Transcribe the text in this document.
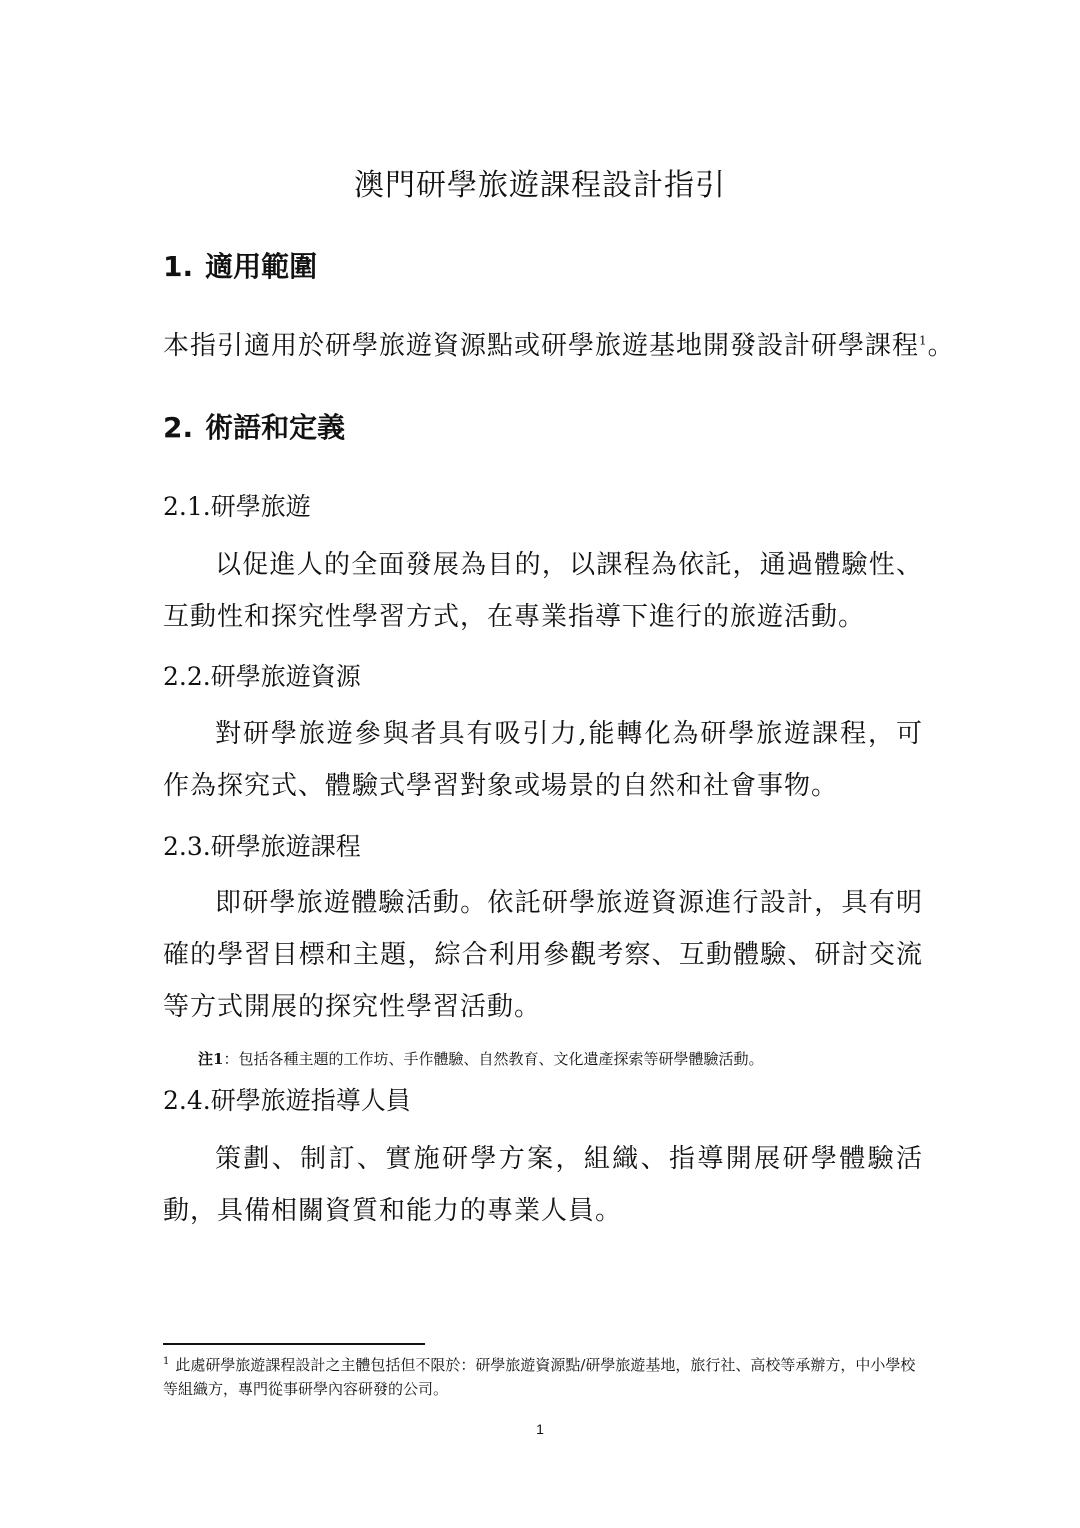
澳門研學旅遊課程設計指引
1. 適用範圍
本指引適用於研學旅遊資源點或研學旅遊基地開發設計研學課程$^1$。
2. 術語和定義
2.1.研學旅遊
以促進人的全面發展為目的，以課程為依託，通過體驗性、互動性和探究性學習方式，在專業指導下進行的旅遊活動。
2.2.研學旅遊資源
對研學旅遊參與者具有吸引力,能轉化為研學旅遊課程，可作為探究式、體驗式學習對象或場景的自然和社會事物。
2.3.研學旅遊課程
即研學旅遊體驗活動。依託研學旅遊資源進行設計，具有明確的學習目標和主題，綜合利用參觀考察、互動體驗、研討交流等方式開展的探究性學習活動。
注1：包括各種主題的工作坊、手作體驗、自然教育、文化遺產探索等研學體驗活動。
2.4.研學旅遊指導人員
策劃、制訂、實施研學方案，組織、指導開展研學體驗活動，具備相關資質和能力的專業人員。
$^1$ 此處研學旅遊課程設計之主體包括但不限於：研學旅遊資源點/研學旅遊基地，旅行社、高校等承辦方，中小學校等組織方，專門從事研學內容研發的公司。
1
